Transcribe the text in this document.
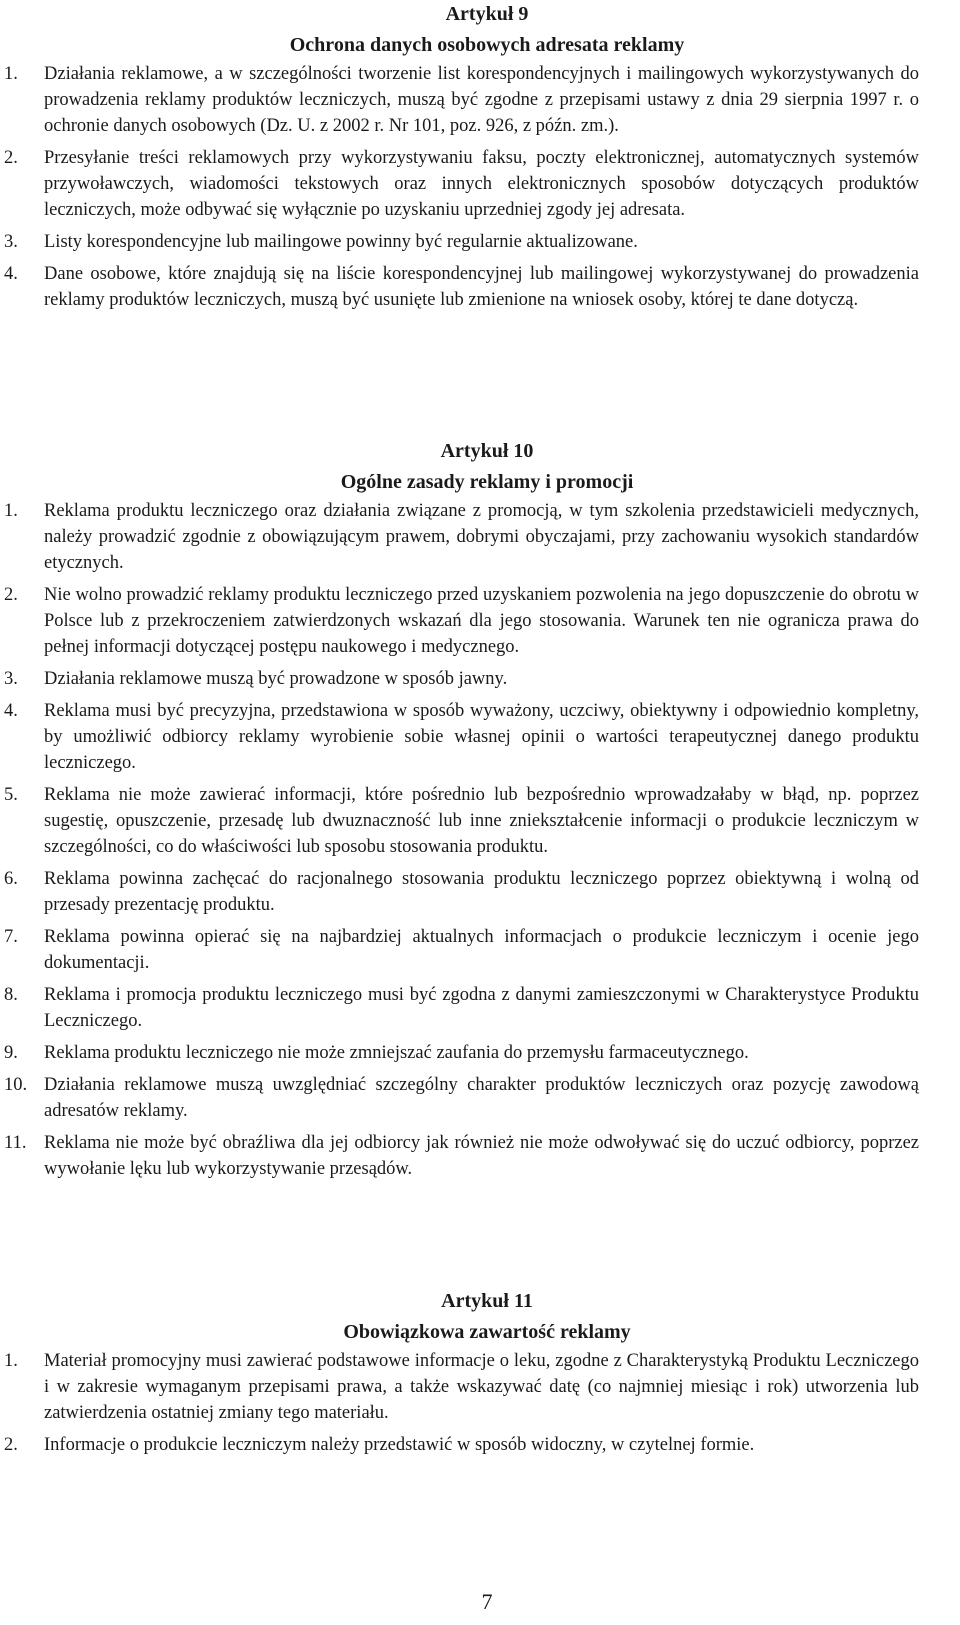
Artykuł 9
Ochrona danych osobowych adresata reklamy
1. Działania reklamowe, a w szczególności tworzenie list korespondencyjnych i mailingowych wykorzystywanych do prowadzenia reklamy produktów leczniczych, muszą być zgodne z przepisami ustawy z dnia 29 sierpnia 1997 r. o ochronie danych osobowych (Dz. U. z 2002 r. Nr 101, poz. 926, z późn. zm.).
2. Przesyłanie treści reklamowych przy wykorzystywaniu faksu, poczty elektronicznej, automatycznych systemów przywoławczych, wiadomości tekstowych oraz innych elektronicznych sposobów dotyczących produktów leczniczych, może odbywać się wyłącznie po uzyskaniu uprzedniej zgody jej adresata.
3. Listy korespondencyjne lub mailingowe powinny być regularnie aktualizowane.
4. Dane osobowe, które znajdują się na liście korespondencyjnej lub mailingowej wykorzystywanej do prowadzenia reklamy produktów leczniczych, muszą być usunięte lub zmienione na wniosek osoby, której te dane dotyczą.
Artykuł 10
Ogólne zasady reklamy i promocji
1. Reklama produktu leczniczego oraz działania związane z promocją, w tym szkolenia przedstawicieli medycznych, należy prowadzić zgodnie z obowiązującym prawem, dobrymi obyczajami, przy zachowaniu wysokich standardów etycznych.
2. Nie wolno prowadzić reklamy produktu leczniczego przed uzyskaniem pozwolenia na jego dopuszczenie do obrotu w Polsce lub z przekroczeniem zatwierdzonych wskazań dla jego stosowania. Warunek ten nie ogranicza prawa do pełnej informacji dotyczącej postępu naukowego i medycznego.
3. Działania reklamowe muszą być prowadzone w sposób jawny.
4. Reklama musi być precyzyjna, przedstawiona w sposób wyważony, uczciwy, obiektywny i odpowiednio kompletny, by umożliwić odbiorcy reklamy wyrobienie sobie własnej opinii o wartości terapeutycznej danego produktu leczniczego.
5. Reklama nie może zawierać informacji, które pośrednio lub bezpośrednio wprowadzałaby w błąd, np. poprzez sugestię, opuszczenie, przesadę lub dwuznaczność lub inne zniekształcenie informacji o produkcie leczniczym w szczególności, co do właściwości lub sposobu stosowania produktu.
6. Reklama powinna zachęcać do racjonalnego stosowania produktu leczniczego poprzez obiektywną i wolną od przesady prezentację produktu.
7. Reklama powinna opierać się na najbardziej aktualnych informacjach o produkcie leczniczym i ocenie jego dokumentacji.
8. Reklama i promocja produktu leczniczego musi być zgodna z danymi zamieszczonymi w Charakterystyce Produktu Leczniczego.
9. Reklama produktu leczniczego nie może zmniejszać zaufania do przemysłu farmaceutycznego.
10. Działania reklamowe muszą uwzględniać szczególny charakter produktów leczniczych oraz pozycję zawodową adresatów reklamy.
11. Reklama nie może być obraźliwa dla jej odbiorcy jak również nie może odwoływać się do uczuć odbiorcy, poprzez wywołanie lęku lub wykorzystywanie przesądów.
Artykuł 11
Obowiązkowa zawartość reklamy
1. Materiał promocyjny musi zawierać podstawowe informacje o leku, zgodne z Charakterystyką Produktu Leczniczego i w zakresie wymaganym przepisami prawa, a także wskazywać datę (co najmniej miesiąc i rok) utworzenia lub zatwierdzenia ostatniej zmiany tego materiału.
2. Informacje o produkcie leczniczym należy przedstawić w sposób widoczny, w czytelnej formie.
7
